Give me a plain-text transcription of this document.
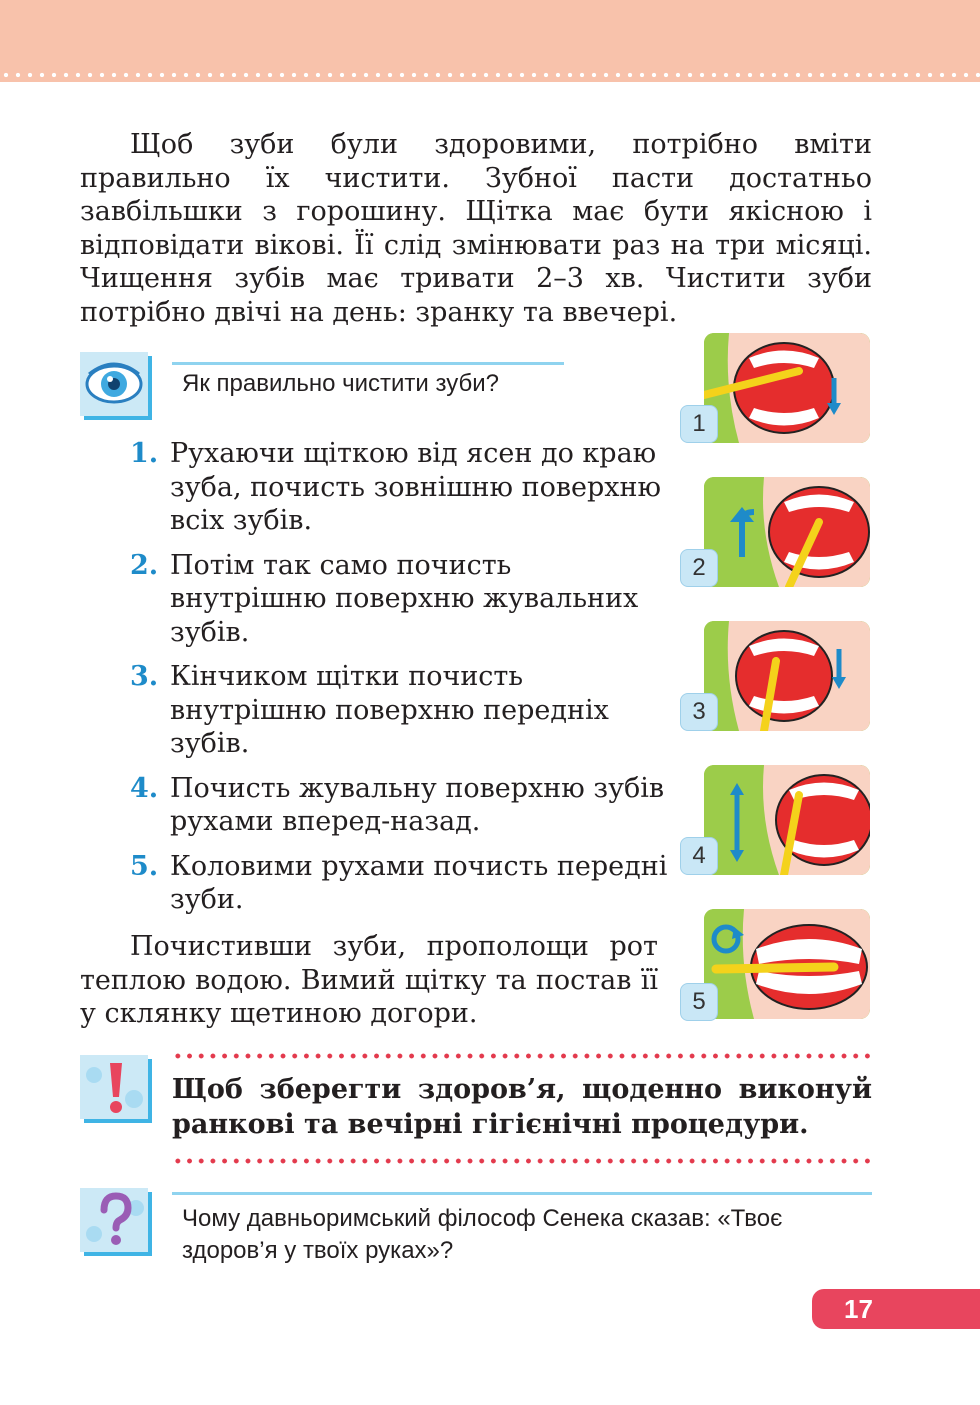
Щоб зуби були здоровими, потрібно вміти правильно їх чистити. Зубної пасти достатньо завбільшки з горошину. Щітка має бути якісною і відповідати вікові. Її слід змінювати раз на три місяці. Чищення зубів має тривати 2–3 хв. Чистити зуби потрібно двічі на день: зранку та ввечері.

Як правильно чистити зуби?

1. Рухаючи щіткою від ясен до краю зуба, почисть зовнішню поверхню всіх зубів.
2. Потім так само почисть внутрішню поверхню жувальних зубів.
3. Кінчиком щітки почисть внутрішню поверхню передніх зубів.
4. Почисть жувальну поверхню зубів рухами вперед-назад.
5. Коловими рухами почисть передні зуби.

Почистивши зуби, прополощи рот теплою водою. Вимий щітку та постав її у склянку щетиною догори.

1
2
3
4
5

Щоб зберегти здоров’я, щоденно виконуй ранкові та вечірні гігієнічні процедури.

Чому давньоримський філософ Сенека сказав: «Твоє здоров’я у твоїх руках»?

17
